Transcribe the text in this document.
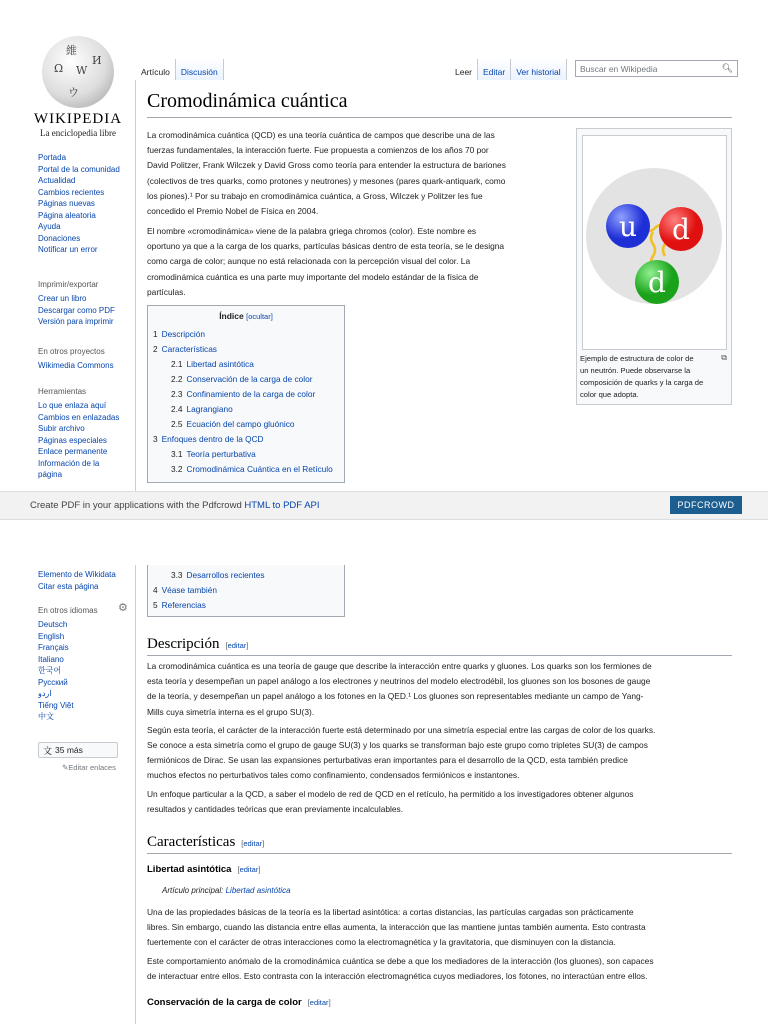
維
Ω W
И
ウ
WIKIPEDIA
La enciclopedia libre
Portada
Portal de la comunidad
Actualidad
Cambios recientes
Páginas nuevas
Página aleatoria
Ayuda
Donaciones
Notificar un error
Imprimir/exportar
Crear un libro
Descargar como PDF
Versión para imprimir
En otros proyectos
Wikimedia Commons
Herramientas
Lo que enlaza aquí
Cambios en enlazadas
Subir archivo
Páginas especiales
Enlace permanente
Información de la página
Artículo	Discusión	Leer	Editar	Ver historial	Buscar en Wikipedia	🔍︎
Cromodinámica cuántica
La cromodinámica cuántica (QCD) es una teoría cuántica de campos que describe una de las
fuerzas fundamentales, la interacción fuerte. Fue propuesta a comienzos de los años 70 por
David Politzer, Frank Wilczek y David Gross como teoría para entender la estructura de bariones
(colectivos de tres quarks, como protones y neutrones) y mesones (pares quark-antiquark, como
los piones).¹ Por su trabajo en cromodinámica cuántica, a Gross, Wilczek y Politzer les fue
concedido el Premio Nobel de Física en 2004.
El nombre «cromodinámica» viene de la palabra griega chromos (color). Este nombre es
oportuno ya que a la carga de los quarks, partículas básicas dentro de esta teoría, se le designa
como carga de color; aunque no está relacionada con la percepción visual del color. La
cromodinámica cuántica es una parte muy importante del modelo estándar de la física de
partículas.
Índice [ocultar]
1 Descripción
2 Características
2.1 Libertad asintótica
2.2 Conservación de la carga de color
2.3 Confinamiento de la carga de color
2.4 Lagrangiano
2.5 Ecuación del campo gluónico
3 Enfoques dentro de la QCD
3.1 Teoría perturbativa
3.2 Cromodinámica Cuántica en el Retículo
u d
d
Ejemplo de estructura de color de
un neutrón. Puede observarse la
composición de quarks y la carga de
color que adopta.
⧉
Create PDF in your applications with the Pdfcrowd HTML to PDF API	PDFCROWD
Elemento de Wikidata
Citar esta página
En otros idiomas ⚙
Deutsch
English
Français
Italiano
한국어
Русский
اردو
Tiếng Việt
中文
文 35 más
✎Editar enlaces
3.3 Desarrollos recientes
4 Véase también
5 Referencias
Descripción [editar]
La cromodinámica cuántica es una teoría de gauge que describe la interacción entre quarks y gluones. Los quarks son los fermiones de
esta teoría y desempeñan un papel análogo a los electrones y neutrinos del modelo electrodébil, los gluones son los bosones de gauge
de la teoría, y desempeñan un papel análogo a los fotones en la QED.¹ Los gluones son representables mediante un campo de Yang-
Mills cuya simetría interna es el grupo SU(3).
Según esta teoría, el carácter de la interacción fuerte está determinado por una simetría especial entre las cargas de color de los quarks.
Se conoce a esta simetría como el grupo de gauge SU(3) y los quarks se transforman bajo este grupo como tripletes SU(3) de campos
fermiónicos de Dirac. Se usan las expansiones perturbativas eran importantes para el desarrollo de la QCD, esta también predice
muchos efectos no perturbativos tales como confinamiento, condensados fermiónicos e instantones.
Un enfoque particular a la QCD, a saber el modelo de red de QCD en el retículo, ha permitido a los investigadores obtener algunos
resultados y cantidades teóricas que eran previamente incalculables.
Características [editar]
Libertad asintótica [editar]
Artículo principal: Libertad asintótica
Una de las propiedades básicas de la teoría es la libertad asintótica: a cortas distancias, las partículas cargadas son prácticamente
libres. Sin embargo, cuando las distancia entre ellas aumenta, la interacción que las mantiene juntas también aumenta. Esto contrasta
fuertemente con el carácter de otras interacciones como la electromagnética y la gravitatoria, que disminuyen con la distancia.
Este comportamiento anómalo de la cromodinámica cuántica se debe a que los mediadores de la interacción (los gluones), son capaces
de interactuar entre ellos. Esto contrasta con la interacción electromagnética cuyos mediadores, los fotones, no interactúan entre ellos.
Conservación de la carga de color [editar]
